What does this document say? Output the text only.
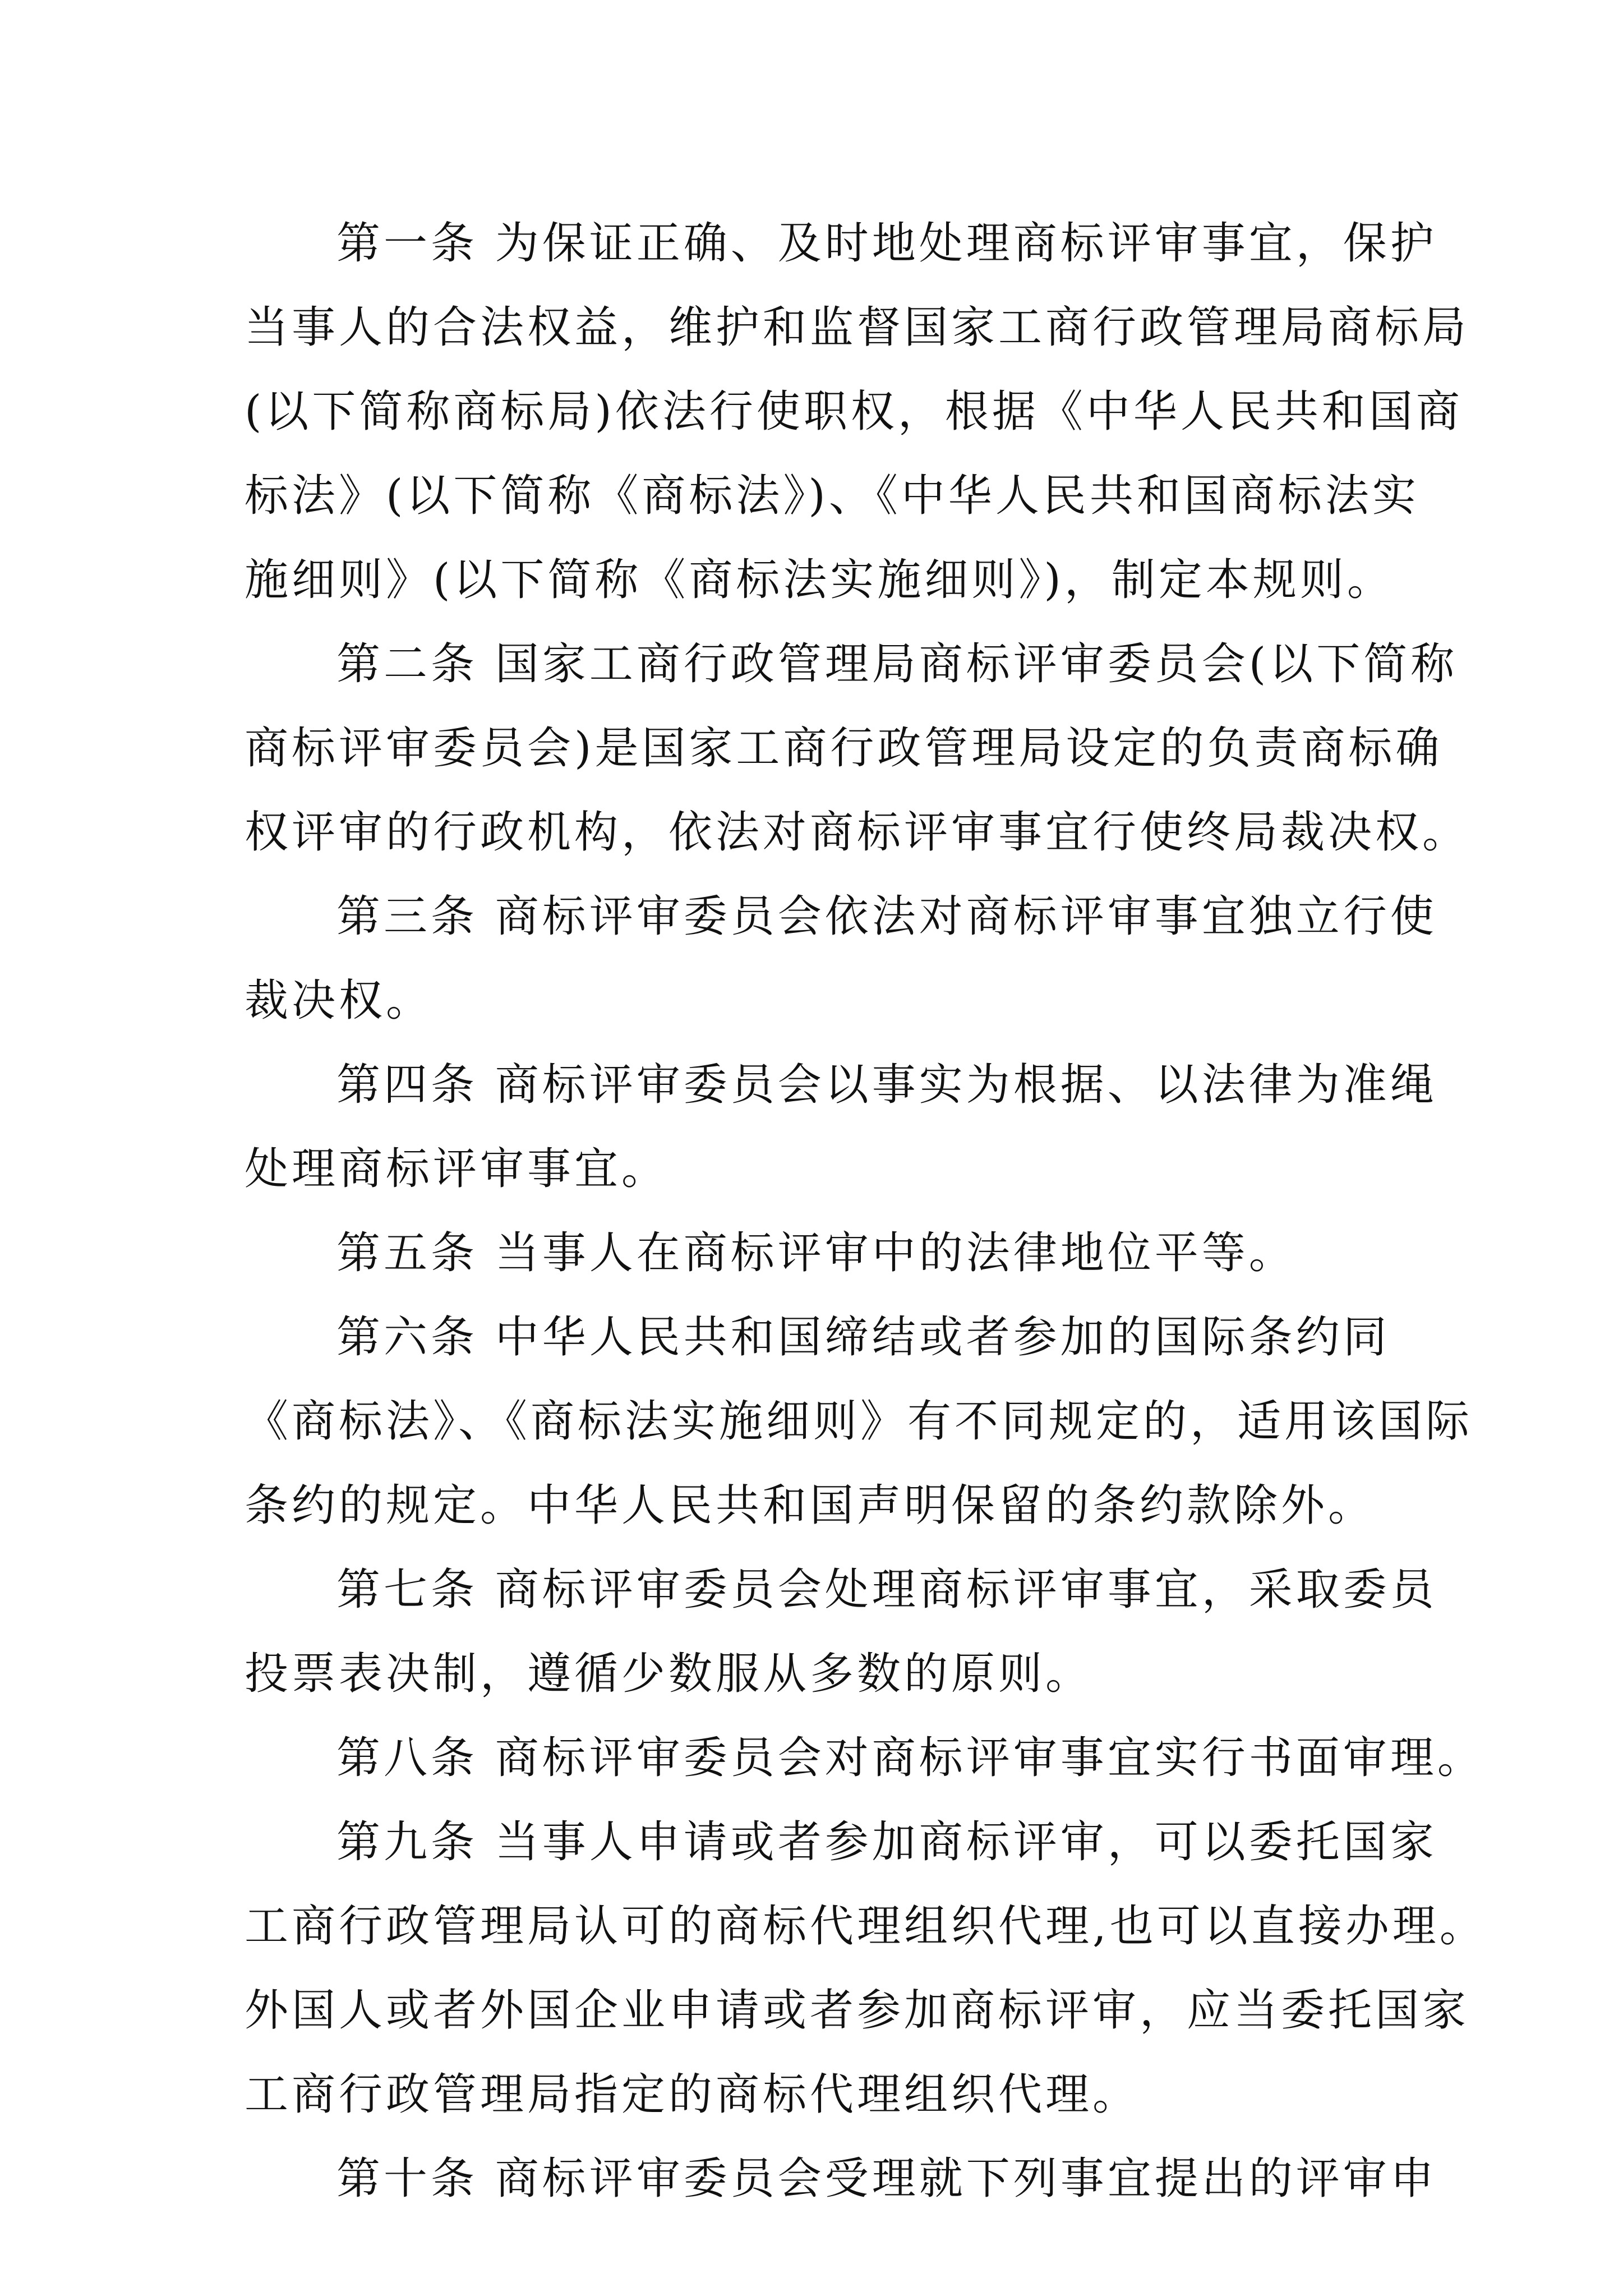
第一条 为保证正确、及时地处理商标评审事宜，保护
当事人的合法权益，维护和监督国家工商行政管理局商标局
(以下简称商标局)依法行使职权，根据《中华人民共和国商
标法》(以下简称《商标法》)、《中华人民共和国商标法实
施细则》(以下简称《商标法实施细则》)，制定本规则。
第二条 国家工商行政管理局商标评审委员会(以下简称
商标评审委员会)是国家工商行政管理局设定的负责商标确
权评审的行政机构，依法对商标评审事宜行使终局裁决权。
第三条 商标评审委员会依法对商标评审事宜独立行使
裁决权。
第四条 商标评审委员会以事实为根据、以法律为准绳
处理商标评审事宜。
第五条 当事人在商标评审中的法律地位平等。
第六条 中华人民共和国缔结或者参加的国际条约同
《商标法》、《商标法实施细则》有不同规定的，适用该国际
条约的规定。中华人民共和国声明保留的条约款除外。
第七条 商标评审委员会处理商标评审事宜，采取委员
投票表决制，遵循少数服从多数的原则。
第八条 商标评审委员会对商标评审事宜实行书面审理。
第九条 当事人申请或者参加商标评审，可以委托国家
工商行政管理局认可的商标代理组织代理,也可以直接办理。
外国人或者外国企业申请或者参加商标评审，应当委托国家
工商行政管理局指定的商标代理组织代理。
第十条 商标评审委员会受理就下列事宜提出的评审申
